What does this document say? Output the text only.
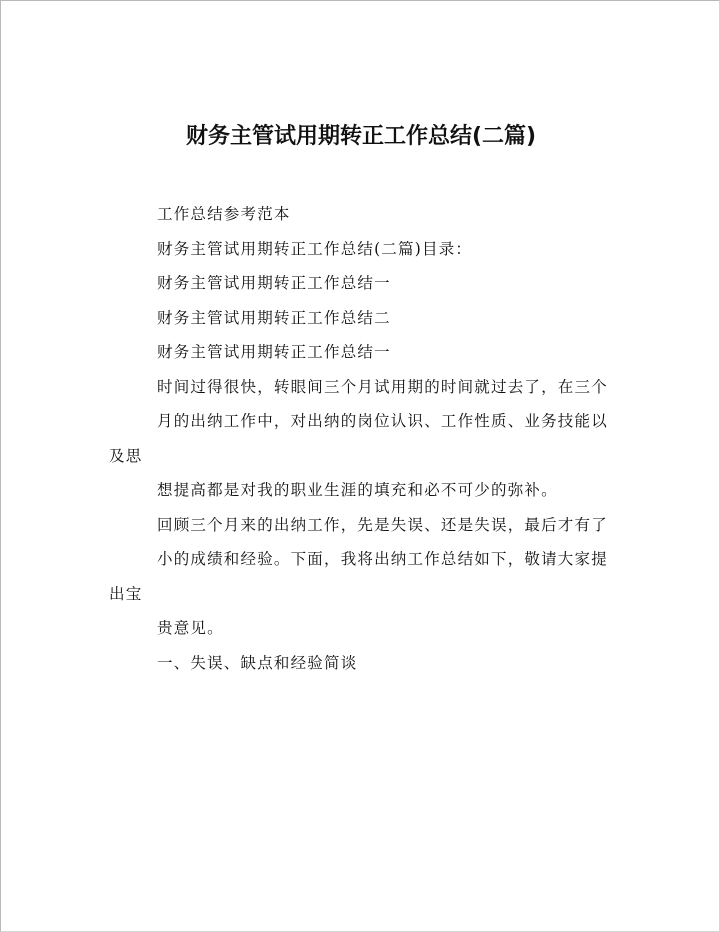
财务主管试用期转正工作总结(二篇)

工作总结参考范本

财务主管试用期转正工作总结(二篇)目录：

财务主管试用期转正工作总结一

财务主管试用期转正工作总结二

财务主管试用期转正工作总结一

时间过得很快，转眼间三个月试用期的时间就过去了，在三个

月的出纳工作中，对出纳的岗位认识、工作性质、业务技能以及思

想提高都是对我的职业生涯的填充和必不可少的弥补。

回顾三个月来的出纳工作，先是失误、还是失误，最后才有了

小的成绩和经验。下面，我将出纳工作总结如下，敬请大家提出宝

贵意见。

一、失误、缺点和经验简谈
